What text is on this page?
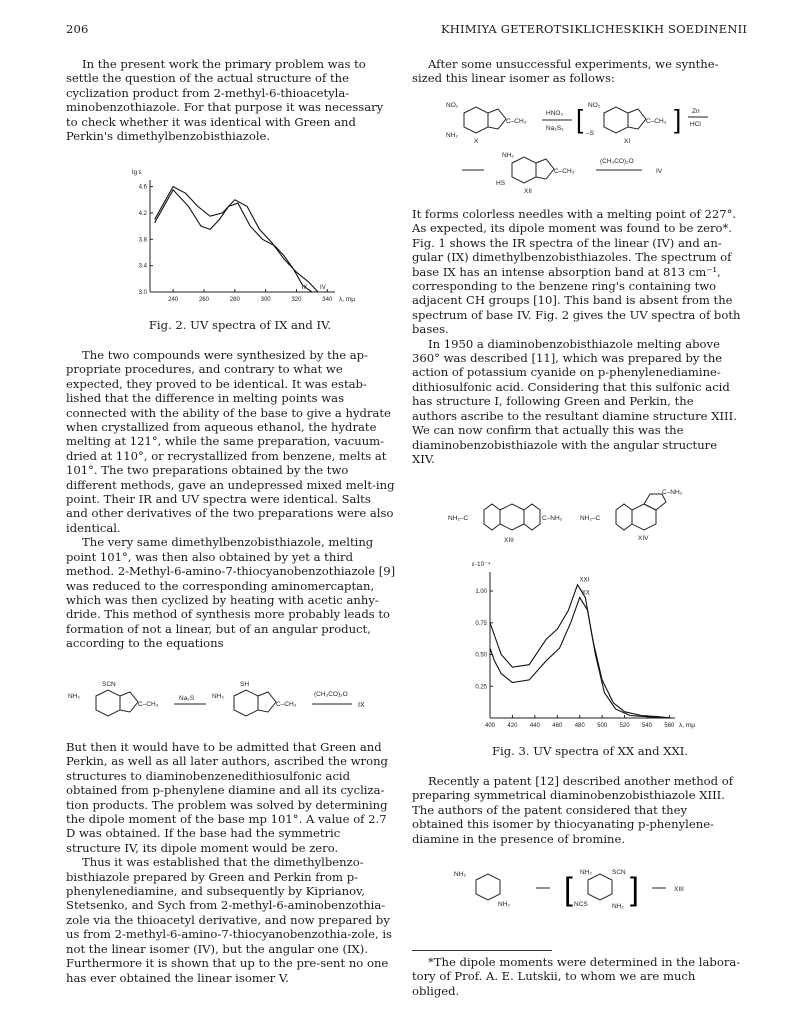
206	KHIMIYA GETEROTSIKLICHESKIKH SOEDINENII

In the present work the primary problem was to settle the question of the actual structure of the cyclization product from 2-methyl-6-thioacetyla-minobenzothiazole. For that purpose it was necessary to check whether it was identical with Green and Perkin's dimethylbenzobisthiazole.

240	260	280	300	320	340
3.0
3.4
3.8
4.2
4.6
lg ε
λ, mμ
IX IV
Fig. 2. UV spectra of IX and IV.

The two compounds were synthesized by the ap-propriate procedures, and contrary to what we expected, they proved to be identical. It was estab-lished that the difference in melting points was connected with the ability of the base to give a hydrate when crystallized from aqueous ethanol, the hydrate melting at 121°, while the same preparation, vacuum-dried at 110°, or recrystallized from benzene, melts at 101°. The two preparations obtained by the two different methods, gave an undepressed mixed melt-ing point. Their IR and UV spectra were identical. Salts and other derivatives of the two preparations were also identical.

The very same dimethylbenzobisthiazole, melting point 101°, was then also obtained by yet a third method. 2-Methyl-6-amino-7-thiocyanobenzothiazole [9] was reduced to the corresponding aminomercaptan, which was then cyclized by heating with acetic anhy-dride. This method of synthesis more probably leads to formation of not a linear, but of an angular product, according to the equations

SCN
NH₂
C–CH₃
Na₂S
SH
NH₂
C–CH₃
(CH₃CO)₂O
IX

But then it would have to be admitted that Green and Perkin, as well as all later authors, ascribed the wrong structures to diaminobenzenedithiosulfonic acid obtained from p-phenylene diamine and all its cycliza-tion products. The problem was solved by determining the dipole moment of the base mp 101°. A value of 2.7 D was obtained. If the base had the symmetric structure IV, its dipole moment would be zero.

Thus it was established that the dimethylbenzo-bisthiazole prepared by Green and Perkin from p-phenylenediamine, and subsequently by Kiprianov, Stetsenko, and Sych from 2-methyl-6-aminobenzothia-zole via the thioacetyl derivative, and now prepared by us from 2-methyl-6-amino-7-thiocyanobenzothia-zole, is not the linear isomer (IV), but the angular one (IX). Furthermore it is shown that up to the pre-sent no one has ever obtained the linear isomer V.

After some unsuccessful experiments, we synthe-sized this linear isomer as follows:

NO₂
NH₂
C–CH₃
X
HNO₃
Na₂S₂ [ NO₂
–S
C–CH₃ ]
XI
Zn
HCl
NH₂
HS
C–CH₃
XII
(CH₃CO)₂O
IV

It forms colorless needles with a melting point of 227°. As expected, its dipole moment was found to be zero*. Fig. 1 shows the IR spectra of the linear (IV) and an-gular (IX) dimethylbenzobisthiazoles. The spectrum of base IX has an intense absorption band at 813 cm⁻¹, corresponding to the benzene ring's containing two adjacent CH groups [10]. This band is absent from the spectrum of base IV. Fig. 2 gives the UV spectra of both bases.

In 1950 a diaminobenzobisthiazole melting above 360° was described [11], which was prepared by the action of potassium cyanide on p-phenylenediamine-dithiosulfonic acid. Considering that this sulfonic acid has structure I, following Green and Perkin, the authors ascribe to the resultant diamine structure XIII. We can now confirm that actually this was the diaminobenzobisthiazole with the angular structure XIV.

NH₂–C	C–NH₂
XIII
NH₂–C
C–NH₂
XIV
400 420 440 460 480 500 520 540 560
0.25
0.50
0.75
1.00
ε·10⁻⁴
λ, mμ
XXI
XX
Fig. 3. UV spectra of XX and XXI.

Recently a patent [12] described another method of preparing symmetrical diaminobenzobisthiazole XIII. The authors of the patent considered that they obtained this isomer by thiocyanating p-phenylene-diamine in the presence of bromine.

NH₂
NH₂ [ NH₂	SCN
NCS	NH₂ ]	XIII
*The dipole moments were determined in the labora-tory of Prof. A. E. Lutskii, to whom we are much obliged.
